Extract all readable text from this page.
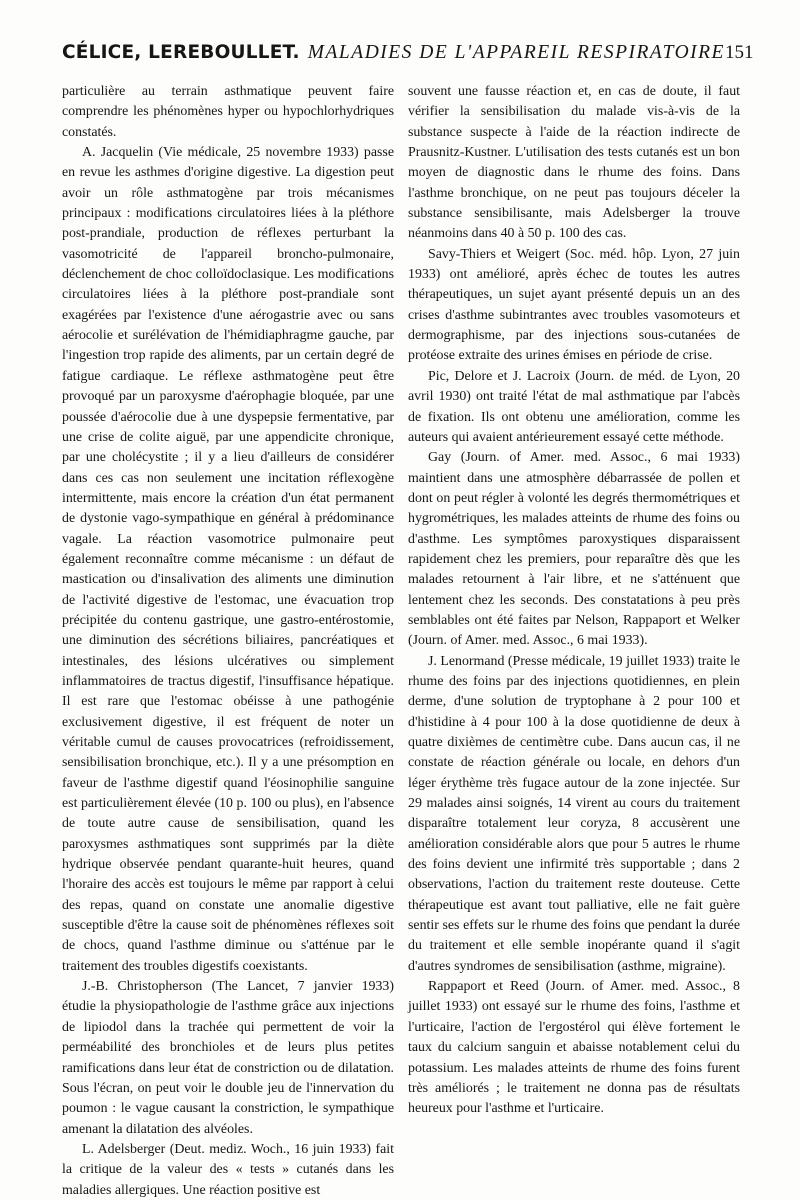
CÉLICE, LEREBOULLET. MALADIES DE L'APPAREIL RESPIRATOIRE 151

particulière au terrain asthmatique peuvent faire comprendre les phénomènes hyper ou hypochlorhydriques constatés.

A. Jacquelin (Vie médicale, 25 novembre 1933) passe en revue les asthmes d'origine digestive. La digestion peut avoir un rôle asthmatogène par trois mécanismes principaux : modifications circulatoires liées à la pléthore post-prandiale, production de réflexes perturbant la vasomotricité de l'appareil broncho-pulmonaire, déclenchement de choc colloïdoclasique. Les modifications circulatoires liées à la pléthore post-prandiale sont exagérées par l'existence d'une aérogastrie avec ou sans aérocolie et surélévation de l'hémidiaphragme gauche, par l'ingestion trop rapide des aliments, par un certain degré de fatigue cardiaque. Le réflexe asthmatogène peut être provoqué par un paroxysme d'aérophagie bloquée, par une poussée d'aérocolie due à une dyspepsie fermentative, par une crise de colite aiguë, par une appendicite chronique, par une cholécystite ; il y a lieu d'ailleurs de considérer dans ces cas non seulement une incitation réflexogène intermittente, mais encore la création d'un état permanent de dystonie vago-sympathique en général à prédominance vagale. La réaction vasomotrice pulmonaire peut également reconnaître comme mécanisme : un défaut de mastication ou d'insalivation des aliments une diminution de l'activité digestive de l'estomac, une évacuation trop précipitée du contenu gastrique, une gastro-entérostomie, une diminution des sécrétions biliaires, pancréatiques et intestinales, des lésions ulcératives ou simplement inflammatoires de tractus digestif, l'insuffisance hépatique. Il est rare que l'estomac obéisse à une pathogénie exclusivement digestive, il est fréquent de noter un véritable cumul de causes provocatrices (refroidissement, sensibilisation bronchique, etc.). Il y a une présomption en faveur de l'asthme digestif quand l'éosinophilie sanguine est particulièrement élevée (10 p. 100 ou plus), en l'absence de toute autre cause de sensibilisation, quand les paroxysmes asthmatiques sont supprimés par la diète hydrique observée pendant quarante-huit heures, quand l'horaire des accès est toujours le même par rapport à celui des repas, quand on constate une anomalie digestive susceptible d'être la cause soit de phénomènes réflexes soit de chocs, quand l'asthme diminue ou s'atténue par le traitement des troubles digestifs coexistants.

J.-B. Christopherson (The Lancet, 7 janvier 1933) étudie la physiopathologie de l'asthme grâce aux injections de lipiodol dans la trachée qui permettent de voir la perméabilité des bronchioles et de leurs plus petites ramifications dans leur état de constriction ou de dilatation. Sous l'écran, on peut voir le double jeu de l'innervation du poumon : le vague causant la constriction, le sympathique amenant la dilatation des alvéoles.

L. Adelsberger (Deut. mediz. Woch., 16 juin 1933) fait la critique de la valeur des « tests » cutanés dans les maladies allergiques. Une réaction positive est

souvent une fausse réaction et, en cas de doute, il faut vérifier la sensibilisation du malade vis-à-vis de la substance suspecte à l'aide de la réaction indirecte de Prausnitz-Kustner. L'utilisation des tests cutanés est un bon moyen de diagnostic dans le rhume des foins. Dans l'asthme bronchique, on ne peut pas toujours déceler la substance sensibilisante, mais Adelsberger la trouve néanmoins dans 40 à 50 p. 100 des cas.

Savy-Thiers et Weigert (Soc. méd. hôp. Lyon, 27 juin 1933) ont amélioré, après échec de toutes les autres thérapeutiques, un sujet ayant présenté depuis un an des crises d'asthme subintrantes avec troubles vasomoteurs et dermographisme, par des injections sous-cutanées de protéose extraite des urines émises en période de crise.

Pic, Delore et J. Lacroix (Journ. de méd. de Lyon, 20 avril 1930) ont traité l'état de mal asthmatique par l'abcès de fixation. Ils ont obtenu une amélioration, comme les auteurs qui avaient antérieurement essayé cette méthode.

Gay (Journ. of Amer. med. Assoc., 6 mai 1933) maintient dans une atmosphère débarrassée de pollen et dont on peut régler à volonté les degrés thermométriques et hygrométriques, les malades atteints de rhume des foins ou d'asthme. Les symptômes paroxystiques disparaissent rapidement chez les premiers, pour reparaître dès que les malades retournent à l'air libre, et ne s'atténuent que lentement chez les seconds. Des constatations à peu près semblables ont été faites par Nelson, Rappaport et Welker (Journ. of Amer. med. Assoc., 6 mai 1933).

J. Lenormand (Presse médicale, 19 juillet 1933) traite le rhume des foins par des injections quotidiennes, en plein derme, d'une solution de tryptophane à 2 pour 100 et d'histidine à 4 pour 100 à la dose quotidienne de deux à quatre dixièmes de centimètre cube. Dans aucun cas, il ne constate de réaction générale ou locale, en dehors d'un léger érythème très fugace autour de la zone injectée. Sur 29 malades ainsi soignés, 14 virent au cours du traitement disparaître totalement leur coryza, 8 accusèrent une amélioration considérable alors que pour 5 autres le rhume des foins devient une infirmité très supportable ; dans 2 observations, l'action du traitement reste douteuse. Cette thérapeutique est avant tout palliative, elle ne fait guère sentir ses effets sur le rhume des foins que pendant la durée du traitement et elle semble inopérante quand il s'agit d'autres syndromes de sensibilisation (asthme, migraine).

Rappaport et Reed (Journ. of Amer. med. Assoc., 8 juillet 1933) ont essayé sur le rhume des foins, l'asthme et l'urticaire, l'action de l'ergostérol qui élève fortement le taux du calcium sanguin et abaisse notablement celui du potassium. Les malades atteints de rhume des foins furent très améliorés ; le traitement ne donna pas de résultats heureux pour l'asthme et l'urticaire.
